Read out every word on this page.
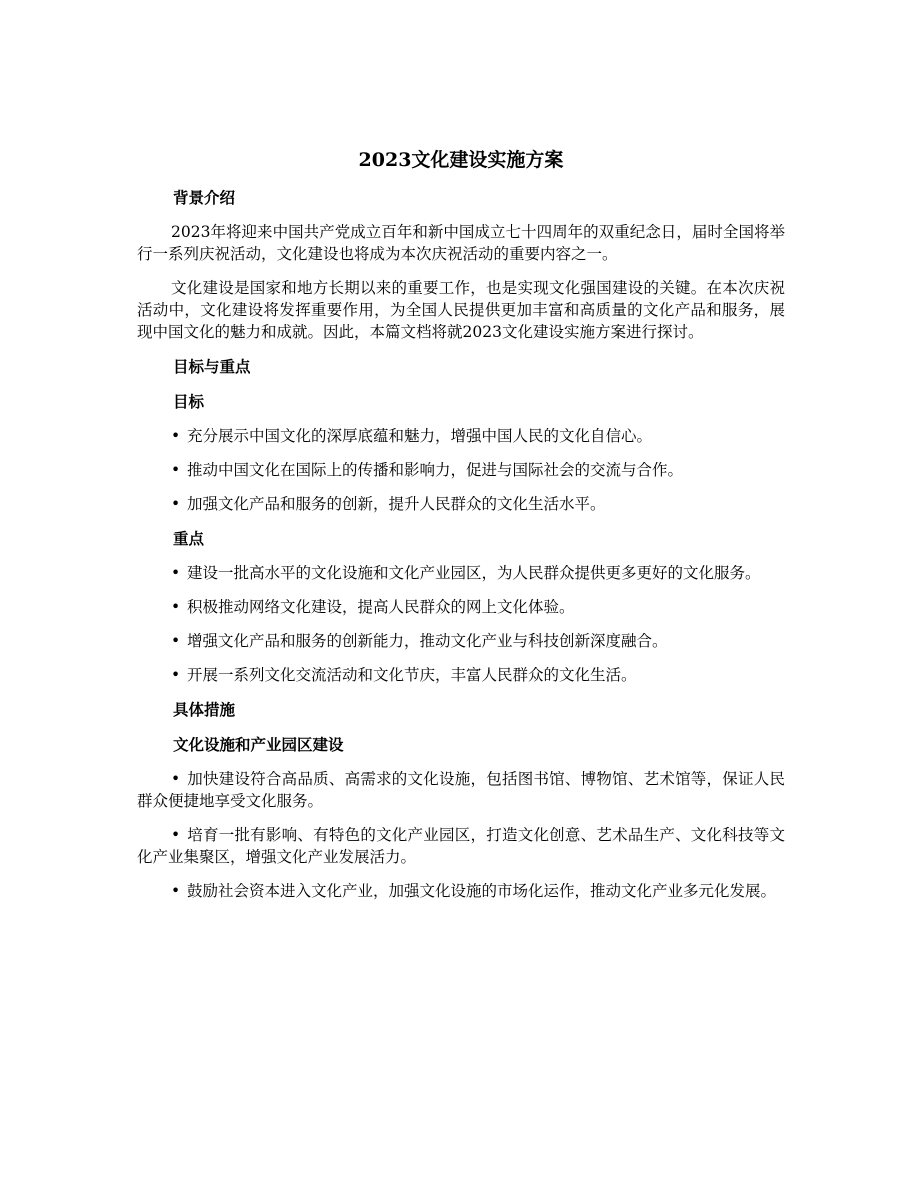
2023文化建设实施方案
背景介绍

2023年将迎来中国共产党成立百年和新中国成立七十四周年的双重纪念日，届时全国将举行一系列庆祝活动，文化建设也将成为本次庆祝活动的重要内容之一。

文化建设是国家和地方长期以来的重要工作，也是实现文化强国建设的关键。在本次庆祝活动中，文化建设将发挥重要作用，为全国人民提供更加丰富和高质量的文化产品和服务，展现中国文化的魅力和成就。因此，本篇文档将就2023文化建设实施方案进行探讨。

目标与重点
目标
• 充分展示中国文化的深厚底蕴和魅力，增强中国人民的文化自信心。
• 推动中国文化在国际上的传播和影响力，促进与国际社会的交流与合作。
• 加强文化产品和服务的创新，提升人民群众的文化生活水平。
重点
• 建设一批高水平的文化设施和文化产业园区，为人民群众提供更多更好的文化服务。
• 积极推动网络文化建设，提高人民群众的网上文化体验。
• 增强文化产品和服务的创新能力，推动文化产业与科技创新深度融合。
• 开展一系列文化交流活动和文化节庆，丰富人民群众的文化生活。
具体措施
文化设施和产业园区建设
• 加快建设符合高品质、高需求的文化设施，包括图书馆、博物馆、艺术馆等，保证人民群众便捷地享受文化服务。
• 培育一批有影响、有特色的文化产业园区，打造文化创意、艺术品生产、文化科技等文化产业集聚区，增强文化产业发展活力。
• 鼓励社会资本进入文化产业，加强文化设施的市场化运作，推动文化产业多元化发展。
